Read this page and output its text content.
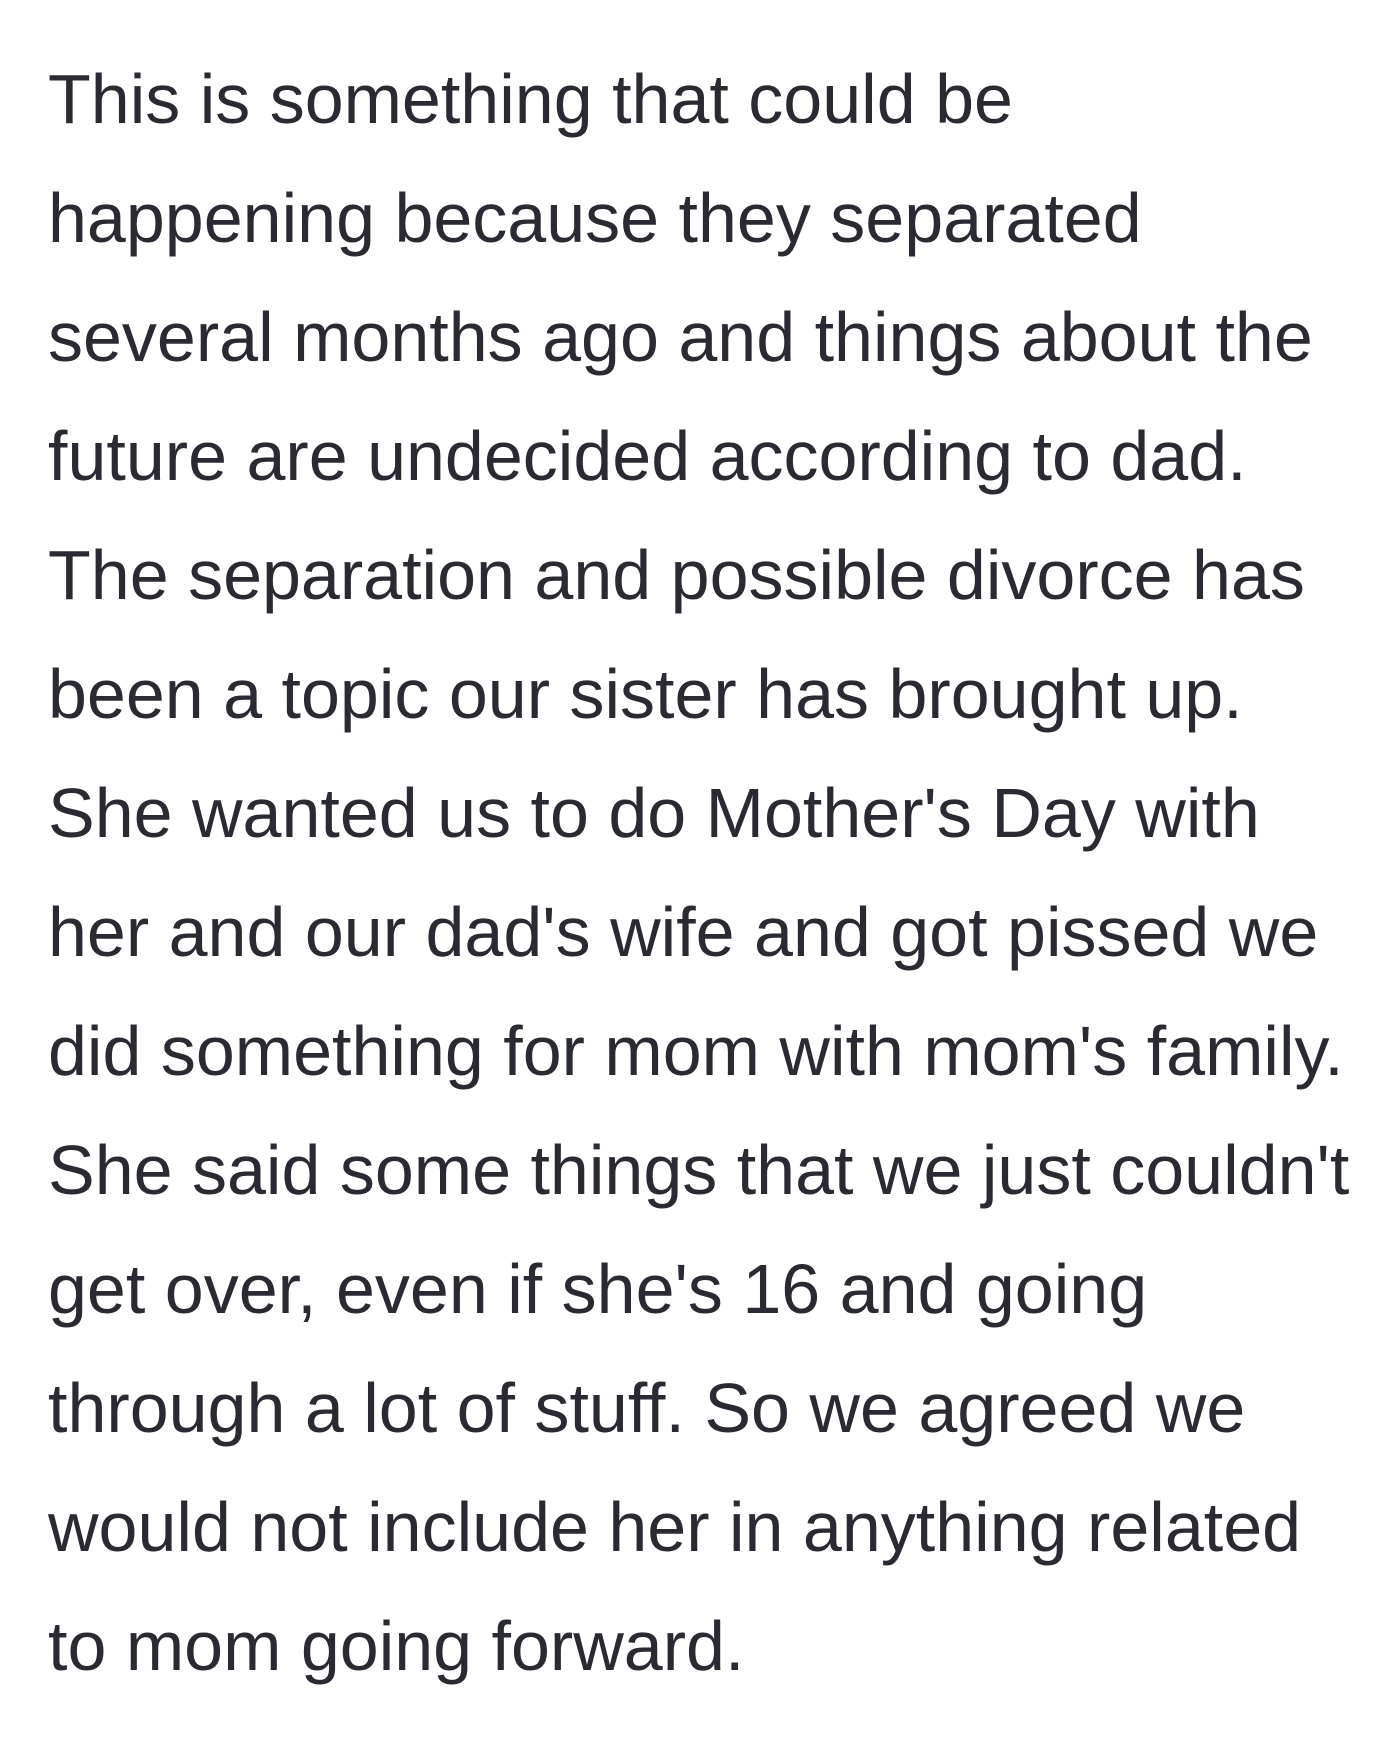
This is something that could be
happening because they separated
several months ago and things about the
future are undecided according to dad.
The separation and possible divorce has
been a topic our sister has brought up.
She wanted us to do Mother's Day with
her and our dad's wife and got pissed we
did something for mom with mom's family.
She said some things that we just couldn't
get over, even if she's 16 and going
through a lot of stuff. So we agreed we
would not include her in anything related
to mom going forward.
